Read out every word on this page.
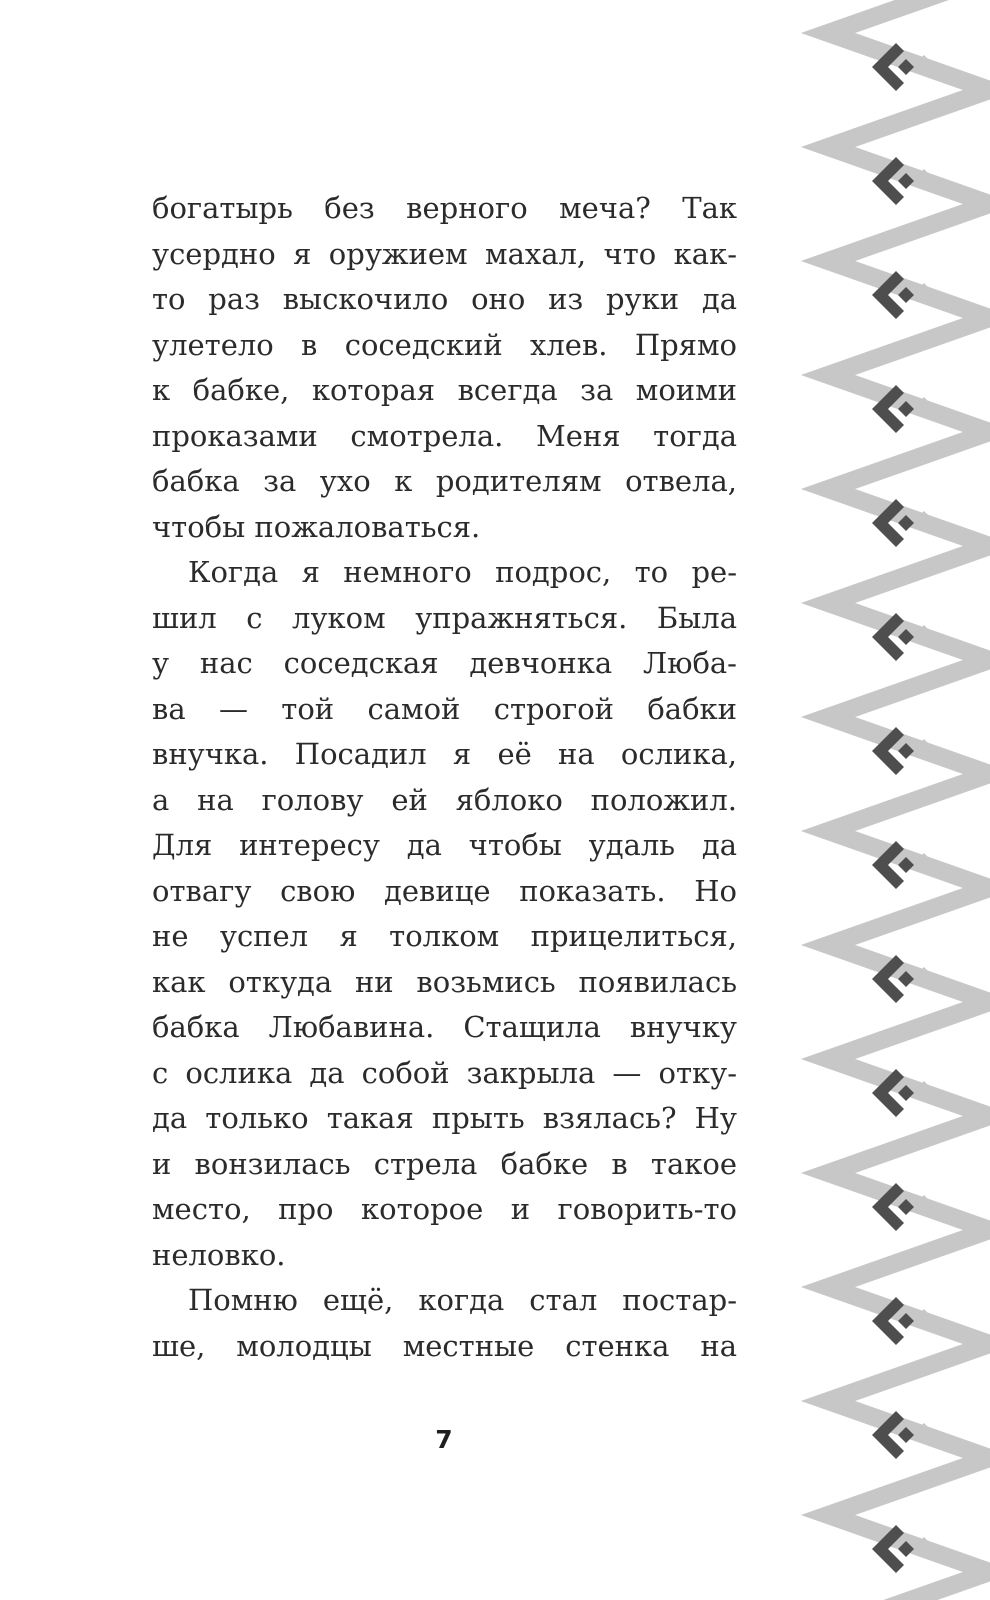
богатырь без верного меча? Так
усердно я оружием махал, что как-
то раз выскочило оно из руки да
улетело в соседский хлев. Прямо
к бабке, которая всегда за моими
проказами смотрела. Меня тогда
бабка за ухо к родителям отвела,
чтобы пожаловаться.
Когда я немного подрос, то ре-
шил с луком упражняться. Была
у нас соседская девчонка Люба-
ва — той самой строгой бабки
внучка. Посадил я её на ослика,
а на голову ей яблоко положил.
Для интересу да чтобы удаль да
отвагу свою девице показать. Но
не успел я толком прицелиться,
как откуда ни возьмись появилась
бабка Любавина. Стащила внучку
с ослика да собой закрыла — отку-
да только такая прыть взялась? Ну
и вонзилась стрела бабке в такое
место, про которое и говорить-то
неловко.
Помню ещё, когда стал постар-
ше, молодцы местные стенка на
7
